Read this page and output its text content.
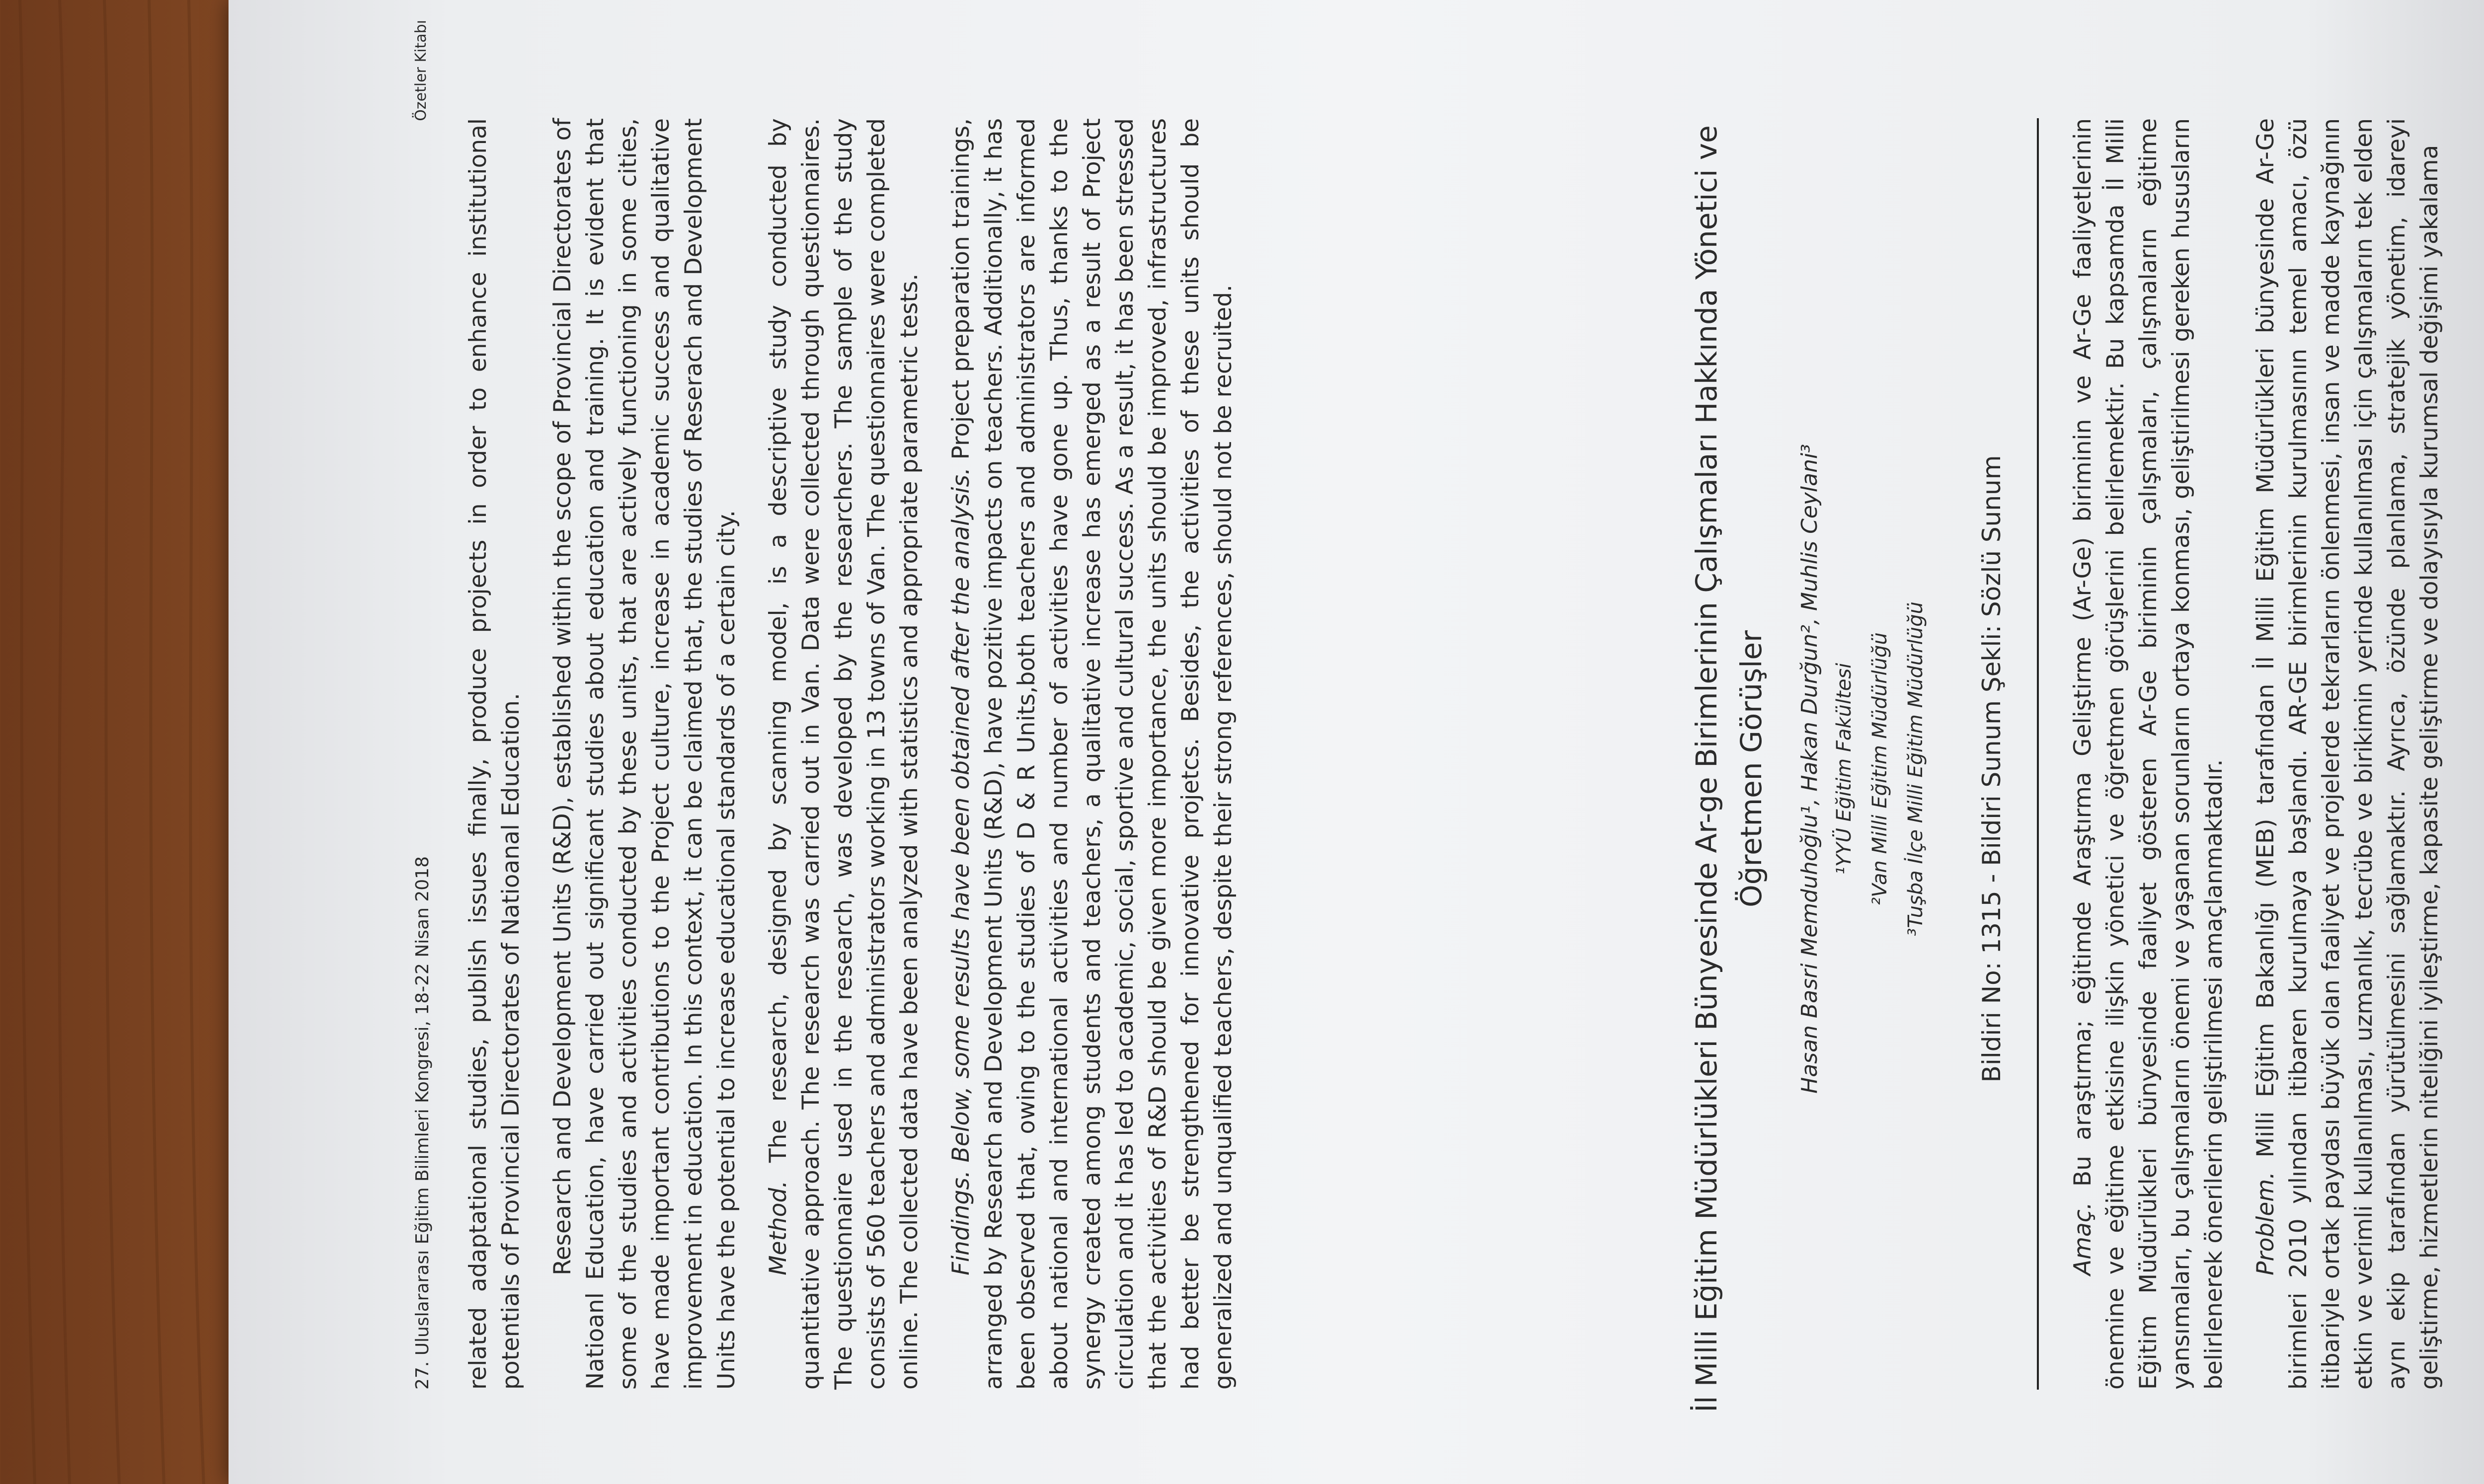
27. Uluslararası Eğitim Bilimleri Kongresi, 18-22 Nisan 2018
Özetler Kitabı

related adaptational studies, publish issues finally, produce projects in order to enhance institutional potentials of Provincial Directorates of Natioanal Education. Research and Development Units (R&D), established within the scope of Provincial Directorates of Natioanl Education, have carried out significant studies about education and training. It is evident that some of the studies and activities conducted by these units, that are actively functioning in some cities, have made important contributions to the Project culture, increase in academic success and qualitative improvement in education. In this context, it can be claimed that, the studies of Reserach and Development Units have the potential to increase educational standards of a certain city. Method. The research, designed by scanning model, is a descriptive study conducted by quantitative approach. The research was carried out in Van. Data were collected through questionnaires. The questionnaire used in the research, was developed by the researchers. The sample of the study consists of 560 teachers and administrators working in 13 towns of Van. The questionnaires were completed online. The collected data have been analyzed with statistics and appropriate parametric tests. Findings. Below, some results have been obtained after the analysis. Project preparation trainings, arranged by Research and Development Units (R&D), have pozitive impacts on teachers. Additionally, it has been observed that, owing to the studies of D & R Units,both teachers and administrators are informed about national and international activities and number of activities have gone up. Thus, thanks to the synergy created among students and teachers, a qualitative increase has emerged as a result of Project circulation and it has led to academic, social, sportive and cultural success. As a result, it has been stressed that the activities of R&D should be given more importance, the units should be improved, infrastructures had better be strengthened for innovative projetcs. Besides, the activities of these units should be generalized and unqualified teachers, despite their strong references, should not be recruited.	İl Milli Eğitim Müdürlükleri Bünyesinde Ar-ge Birimlerinin Çalışmaları Hakkında Yönetici ve Öğretmen Görüşler Hasan Basri Memduhoğlu¹, Hakan Durğun², Muhlis Ceylani³ ¹YYÜ Eğitim Fakültesi ²Van Milli Eğitim Müdürlüğü ³Tuşba İlçe Milli Eğitim Müdürlüğü Bildiri No: 1315 - Bildiri Sunum Şekli: Sözlü Sunum

Amaç. Bu araştırma; eğitimde Araştırma Geliştirme (Ar-Ge) biriminin ve Ar-Ge faaliyetlerinin önemine ve eğitime etkisine ilişkin yönetici ve öğretmen görüşlerini belirlemektir. Bu kapsamda İl Milli Eğitim Müdürlükleri bünyesinde faaliyet gösteren Ar-Ge biriminin çalışmaları, çalışmaların eğitime yansımaları, bu çalışmaların önemi ve yaşanan sorunların ortaya konması, geliştirilmesi gereken hususların belirlenerek önerilerin geliştirilmesi amaçlanmaktadır. Problem. Milli Eğitim Bakanlığı (MEB) tarafından İl Milli Eğitim Müdürlükleri bünyesinde Ar-Ge birimleri 2010 yılından itibaren kurulmaya başlandı. AR-GE birimlerinin kurulmasının temel amacı, özü itibariyle ortak paydası büyük olan faaliyet ve projelerde tekrarların önlenmesi, insan ve madde kaynağının etkin ve verimli kullanılması, uzmanlık, tecrübe ve birikimin yerinde kullanılması için çalışmaların tek elden aynı ekip tarafından yürütülmesini sağlamaktır. Ayrıca, özünde planlama, stratejik yönetim, idareyi geliştirme, hizmetlerin niteliğini iyileştirme, kapasite geliştirme ve dolayısıyla kurumsal değişimi yakalama
